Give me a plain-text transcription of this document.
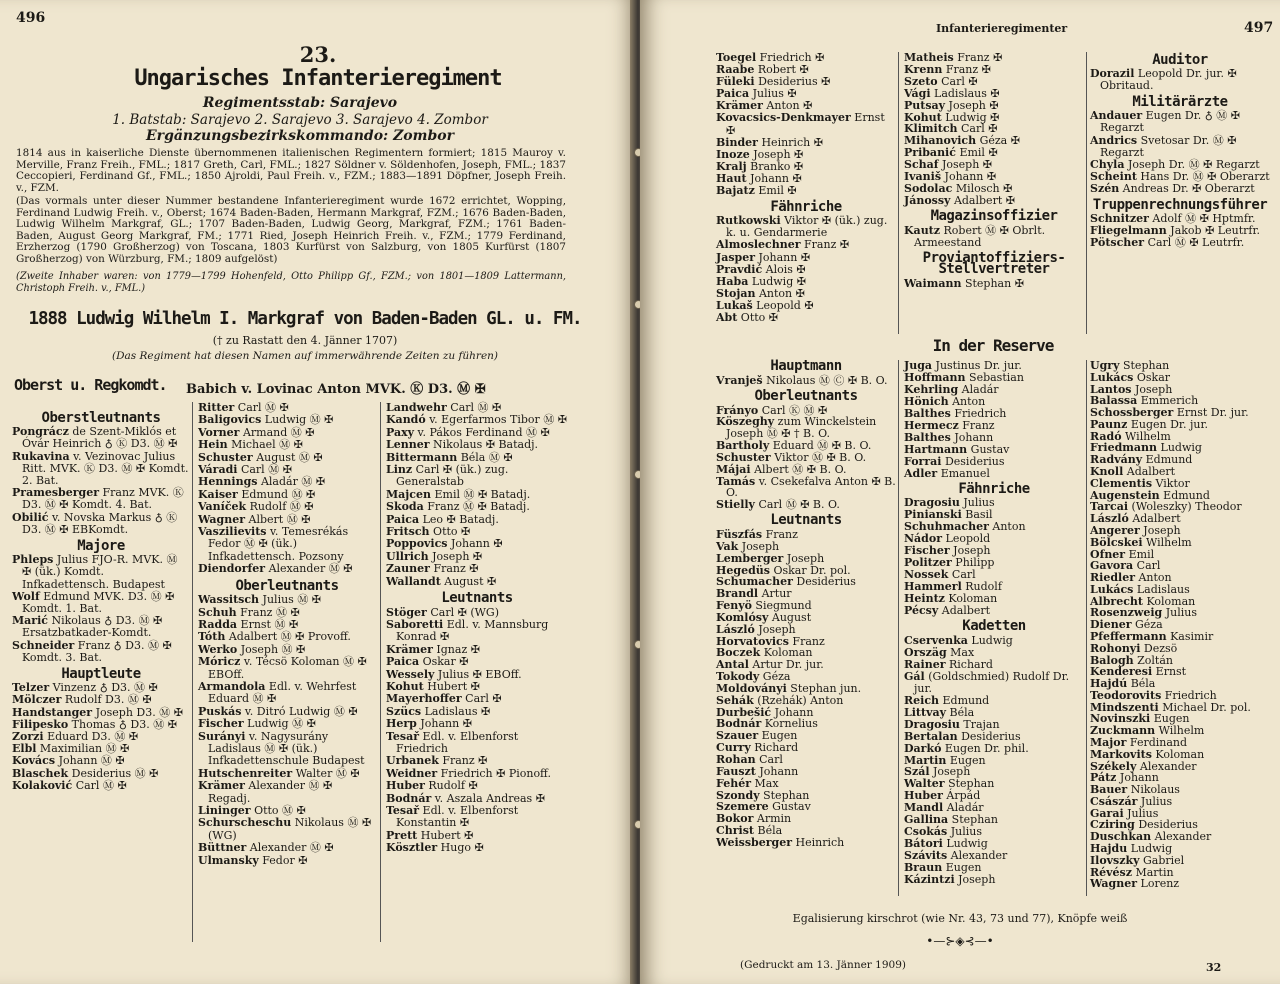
496
23.
Ungarisches Infanterieregiment
Regimentsstab: Sarajevo
1. Batstab: Sarajevo 2. Sarajevo 3. Sarajevo 4. Zombor
Ergänzungsbezirkskommando: Zombor
1814 aus in kaiserliche Dienste übernommenen italienischen Regimentern formiert; 1815 Mauroy v. Merville, Franz Freih., FML.; 1817 Greth, Carl, FML.; 1827 Söldner v. Söldenhofen, Joseph, FML.; 1837 Ceccopieri, Ferdinand Gf., FML.; 1850 Ajroldi, Paul Freih. v., FZM.; 1883—1891 Döpfner, Joseph Freih. v., FZM.
(Das vormals unter dieser Nummer bestandene Infanterieregiment wurde 1672 errichtet, Wopping, Ferdinand Ludwig Freih. v., Oberst; 1674 Baden-Baden, Hermann Markgraf, FZM.; 1676 Baden-Baden, Ludwig Wilhelm Markgraf, GL.; 1707 Baden-Baden, Ludwig Georg, Markgraf, FZM.; 1761 Baden-Baden, August Georg Markgraf, FM.; 1771 Ried, Joseph Heinrich Freih. v., FZM.; 1779 Ferdinand, Erzherzog (1790 Großherzog) von Toscana, 1803 Kurfürst von Salzburg, von 1805 Kurfürst (1807 Großherzog) von Würzburg, FM.; 1809 aufgelöst)
(Zweite Inhaber waren: von 1779—1799 Hohenfeld, Otto Philipp Gf., FZM.; von 1801—1809 Lattermann, Christoph Freih. v., FML.)
1888 Ludwig Wilhelm I. Markgraf von Baden-Baden GL. u. FM.
(† zu Rastatt den 4. Jänner 1707)
(Das Regiment hat diesen Namen auf immerwährende Zeiten zu führen)
Oberst u. Regkomdt. Babich v. Lovinac Anton MVK. Ⓚ D3. Ⓜ ✠
Oberstleutnants
Pongrácz de Szent-Miklós et Óvár Heinrich ♁ Ⓚ D3. Ⓜ ✠
Rukavina v. Vezinovac Julius Ritt. MVK. Ⓚ D3. Ⓜ ✠ Komdt. 2. Bat.
Pramesberger Franz MVK. Ⓚ D3. Ⓜ ✠ Komdt. 4. Bat.
Obilić v. Novska Markus ♁ Ⓚ D3. Ⓜ ✠ EBKomdt.
Majore
Phleps Julius FJO-R. MVK. Ⓜ ✠ (ük.) Komdt. Infkadettensch. Budapest
Wolf Edmund MVK. D3. Ⓜ ✠ Komdt. 1. Bat.
Marić Nikolaus ♁ D3. Ⓜ ✠ Ersatzbatkader-Komdt.
Schneider Franz ♁ D3. Ⓜ ✠ Komdt. 3. Bat.
Hauptleute
Telzer Vinzenz ♁ D3. Ⓜ ✠
Mölczer Rudolf D3. Ⓜ ✠
Handstanger Joseph D3. Ⓜ ✠
Filipesko Thomas ♁ D3. Ⓜ ✠
Zorzi Eduard D3. Ⓜ ✠
Elbl Maximilian Ⓜ ✠
Kovács Johann Ⓜ ✠
Blaschek Desiderius Ⓜ ✠
Kolaković Carl Ⓜ ✠
Ritter Carl Ⓜ ✠
Baligovics Ludwig Ⓜ ✠
Vorner Armand Ⓜ ✠
Hein Michael Ⓜ ✠
Schuster August Ⓜ ✠
Váradi Carl Ⓜ ✠
Hennings Aladár Ⓜ ✠
Kaiser Edmund Ⓜ ✠
Vaníček Rudolf Ⓜ ✠
Wagner Albert Ⓜ ✠
Vaszilievits v. Temesrékás Fedor Ⓜ ✠ (ük.) Infkadettensch. Pozsony
Diendorfer Alexander Ⓜ ✠
Oberleutnants
Wassitsch Julius Ⓜ ✠
Schuh Franz Ⓜ ✠
Radda Ernst Ⓜ ✠
Tóth Adalbert Ⓜ ✠ Provoff.
Werko Joseph Ⓜ ✠
Móricz v. Técsö Koloman Ⓜ ✠ EBOff.
Armandola Edl. v. Wehrfest Eduard Ⓜ ✠
Puskás v. Ditró Ludwig Ⓜ ✠
Fischer Ludwig Ⓜ ✠
Surányi v. Nagysurány Ladislaus Ⓜ ✠ (ük.) Infkadettenschule Budapest
Hutschenreiter Walter Ⓜ ✠
Krämer Alexander Ⓜ ✠ Regadj.
Lininger Otto Ⓜ ✠
Schurscheschu Nikolaus Ⓜ ✠ (WG)
Büttner Alexander Ⓜ ✠
Ulmansky Fedor ✠
Landwehr Carl Ⓜ ✠
Kandó v. Egerfarmos Tibor Ⓜ ✠
Paxy v. Pákos Ferdinand Ⓜ ✠
Lenner Nikolaus ✠ Batadj.
Bittermann Béla Ⓜ ✠
Linz Carl ✠ (ük.) zug. Generalstab
Majcen Emil Ⓜ ✠ Batadj.
Skoda Franz Ⓜ ✠ Batadj.
Paica Leo ✠ Batadj.
Fritsch Otto ✠
Poppovics Johann ✠
Ullrich Joseph ✠
Zauner Franz ✠
Wallandt August ✠
Leutnants
Stöger Carl ✠ (WG)
Saboretti Edl. v. Mannsburg Konrad ✠
Krämer Ignaz ✠
Paica Oskar ✠
Wessely Julius ✠ EBOff.
Kohut Hubert ✠
Mayerhoffer Carl ✠
Szücs Ladislaus ✠
Herp Johann ✠
Tesař Edl. v. Elbenforst Friedrich
Urbanek Franz ✠
Weidner Friedrich ✠ Pionoff.
Huber Rudolf ✠
Bodnár v. Aszala Andreas ✠
Tesař Edl. v. Elbenforst Konstantin ✠
Prett Hubert ✠
Kösztler Hugo ✠
Infanterieregimenter	497
Toegel Friedrich ✠
Raabe Robert ✠
Füleki Desiderius ✠
Paica Julius ✠
Krämer Anton ✠
Kovacsics-Denkmayer Ernst ✠
Binder Heinrich ✠
Inoze Joseph ✠
Kralj Branko ✠
Haut Johann ✠
Bajatz Emil ✠
Fähnriche
Rutkowski Viktor ✠ (ük.) zug. k. u. Gendarmerie
Almoslechner Franz ✠
Jasper Johann ✠
Pravdić Alois ✠
Haba Ludwig ✠
Stojan Anton ✠
Lukaš Leopold ✠
Abt Otto ✠
Matheis Franz ✠
Krenn Franz ✠
Szeto Carl ✠
Vági Ladislaus ✠
Putsay Joseph ✠
Kohut Ludwig ✠
Klimitch Carl ✠
Mihanovich Géza ✠
Pribanić Emil ✠
Schaf Joseph ✠
Ivaniš Johann ✠
Sodolac Milosch ✠
Jánossy Adalbert ✠
Magazinsoffizier
Kautz Robert Ⓜ ✠ Obrlt. Armeestand
Proviantoffiziers-Stellvertreter
Waimann Stephan ✠
Auditor
Dorazil Leopold Dr. jur. ✠ Obritaud.
Militärärzte
Andauer Eugen Dr. ♁ Ⓜ ✠ Regarzt
Andrics Svetosar Dr. Ⓜ ✠ Regarzt
Chyla Joseph Dr. Ⓜ ✠ Regarzt
Scheint Hans Dr. Ⓜ ✠ Oberarzt
Szén Andreas Dr. ✠ Oberarzt
Truppenrechnungsführer
Schnitzer Adolf Ⓜ ✠ Hptmfr.
Fliegelmann Jakob ✠ Leutrfr.
Pötscher Carl Ⓜ ✠ Leutrfr.
In der Reserve
Hauptmann
Vranješ Nikolaus Ⓜ Ⓒ ✠ B. O.
Oberleutnants
Frányo Carl Ⓚ Ⓜ ✠
Köszeghy zum Winckelstein Joseph Ⓜ ✠ † B. O.
Bartholy Eduard Ⓜ ✠ B. O.
Schuster Viktor Ⓜ ✠ B. O.
Májai Albert Ⓜ ✠ B. O.
Tamás v. Csekefalva Anton ✠ B. O.
Stielly Carl Ⓜ ✠ B. O.
Leutnants
Füszfás Franz
Vak Joseph
Lemberger Joseph
Hegedüs Oskar Dr. pol.
Schumacher Desiderius
Brandl Artur
Fenyö Siegmund
Komlósy August
László Joseph
Horvatovics Franz
Boczek Koloman
Antal Artur Dr. jur.
Tokody Géza
Moldoványi Stephan jun.
Sehák (Rzehák) Anton
Durbešić Johann
Bodnár Kornelius
Szauer Eugen
Curry Richard
Rohan Carl
Fauszt Johann
Fehér Max
Szondy Stephan
Szemere Gustav
Bokor Armin
Christ Béla
Weissberger Heinrich
Juga Justinus Dr. jur.
Hoffmann Sebastian
Kehrling Aladár
Hönich Anton
Balthes Friedrich
Hermecz Franz
Balthes Johann
Hartmann Gustav
Forrai Desiderius
Adler Emanuel
Fähnriche
Dragosiu Julius
Pinianski Basil
Schuhmacher Anton
Nádor Leopold
Fischer Joseph
Politzer Philipp
Nossek Carl
Hammerl Rudolf
Heintz Koloman
Pécsy Adalbert
Kadetten
Cservenka Ludwig
Orszäg Max
Rainer Richard
Gál (Goldschmied) Rudolf Dr. jur.
Reich Edmund
Littvay Béla
Dragosiu Trajan
Bertalan Desiderius
Darkó Eugen Dr. phil.
Martin Eugen
Szál Joseph
Walter Stephan
Huber Árpád
Mandl Aladár
Gallina Stephan
Csokás Julius
Bátori Ludwig
Szávits Alexander
Braun Eugen
Kázintzi Joseph
Ugry Stephan
Lukács Oskar
Lantos Joseph
Balassa Emmerich
Schossberger Ernst Dr. jur.
Paunz Eugen Dr. jur.
Radó Wilhelm
Friedmann Ludwig
Radvány Edmund
Knoll Adalbert
Clementis Viktor
Augenstein Edmund
Tarcai (Woleszky) Theodor
László Adalbert
Angerer Joseph
Bölcskei Wilhelm
Ofner Emil
Gavora Carl
Riedler Anton
Lukács Ladislaus
Albrecht Koloman
Rosenzweig Julius
Diener Géza
Pfeffermann Kasimir
Rohonyi Dezsö
Balogh Zoltán
Kenderesi Ernst
Hajdú Béla
Teodorovits Friedrich
Mindszenti Michael Dr. pol.
Novinszki Eugen
Zuckmann Wilhelm
Major Ferdinand
Markovits Koloman
Székely Alexander
Pátz Johann
Bauer Nikolaus
Császár Julius
Garai Julius
Cziring Desiderius
Duschkan Alexander
Hajdu Ludwig
Ilovszky Gabriel
Révész Martin
Wagner Lorenz
Egalisierung kirschrot (wie Nr. 43, 73 und 77), Knöpfe weiß
•—⊱◈⊰—•
(Gedruckt am 13. Jänner 1909)	32
